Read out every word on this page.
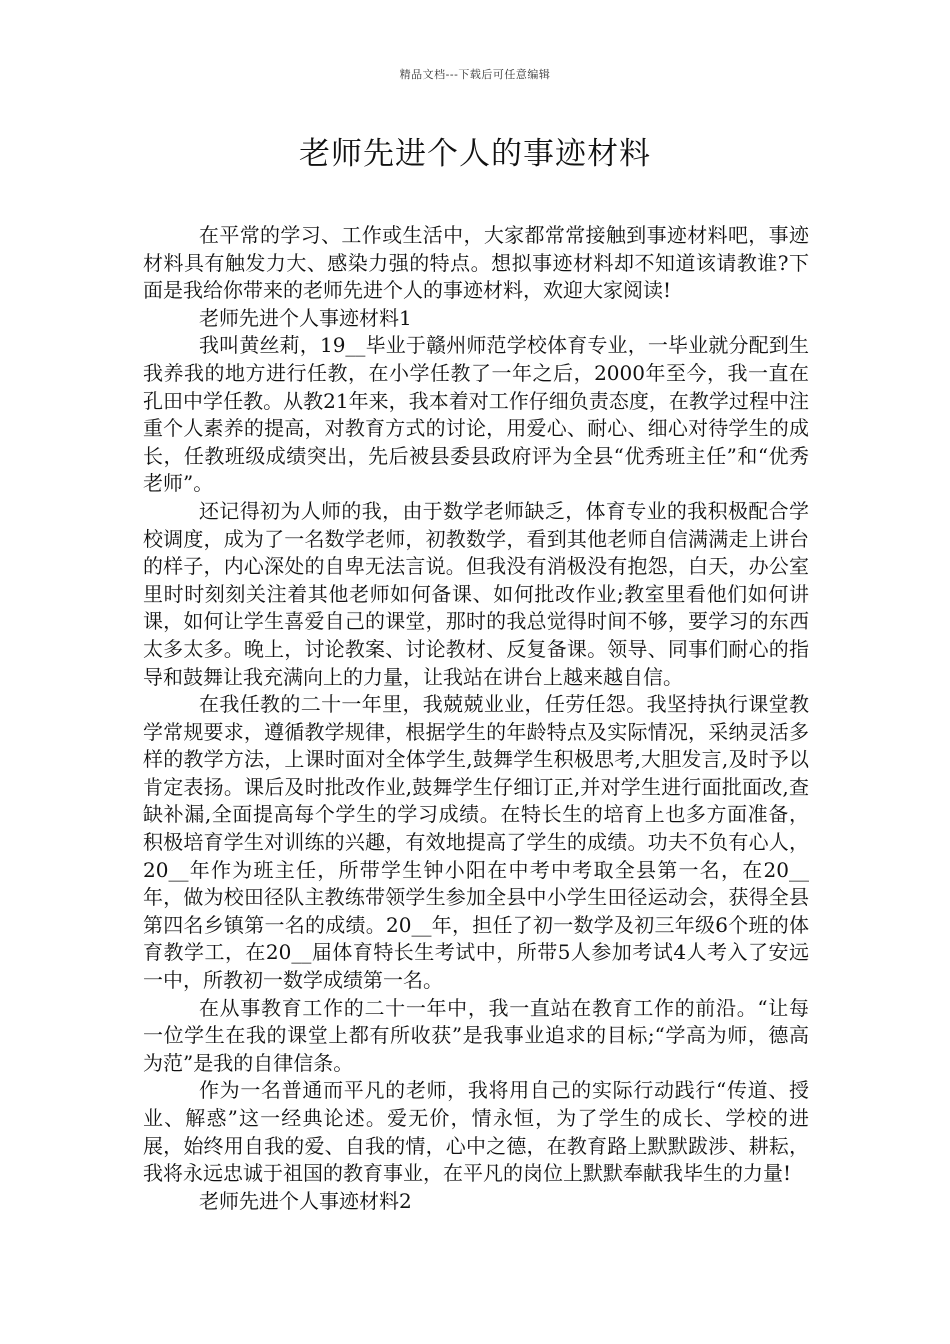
精品文档---下载后可任意编辑
老师先进个人的事迹材料

在平常的学习、工作或生活中，大家都常常接触到事迹材料吧，事迹材料具有触发力大、感染力强的特点。想拟事迹材料却不知道该请教谁?下面是我给你带来的老师先进个人的事迹材料，欢迎大家阅读!

老师先进个人事迹材料1

我叫黄丝莉，19__毕业于赣州师范学校体育专业，一毕业就分配到生我养我的地方进行任教，在小学任教了一年之后，2000年至今，我一直在孔田中学任教。从教21年来，我本着对工作仔细负责态度，在教学过程中注重个人素养的提高，对教育方式的讨论，用爱心、耐心、细心对待学生的成长，任教班级成绩突出，先后被县委县政府评为全县“优秀班主任”和“优秀老师”。

还记得初为人师的我，由于数学老师缺乏，体育专业的我积极配合学校调度，成为了一名数学老师，初教数学，看到其他老师自信满满走上讲台的样子，内心深处的自卑无法言说。但我没有消极没有抱怨，白天，办公室里时时刻刻关注着其他老师如何备课、如何批改作业;教室里看他们如何讲课，如何让学生喜爱自己的课堂，那时的我总觉得时间不够，要学习的东西太多太多。晚上，讨论教案、讨论教材、反复备课。领导、同事们耐心的指导和鼓舞让我充满向上的力量，让我站在讲台上越来越自信。

在我任教的二十一年里，我兢兢业业，任劳任怨。我坚持执行课堂教学常规要求，遵循教学规律，根据学生的年龄特点及实际情况，采纳灵活多样的教学方法，上课时面对全体学生,鼓舞学生积极思考,大胆发言,及时予以肯定表扬。课后及时批改作业,鼓舞学生仔细订正,并对学生进行面批面改,查缺补漏,全面提高每个学生的学习成绩。在特长生的培育上也多方面准备，积极培育学生对训练的兴趣，有效地提高了学生的成绩。功夫不负有心人，20__年作为班主任，所带学生钟小阳在中考中考取全县第一名，在20__年，做为校田径队主教练带领学生参加全县中小学生田径运动会，获得全县第四名乡镇第一名的成绩。20__年，担任了初一数学及初三年级6个班的体育教学工，在20__届体育特长生考试中，所带5人参加考试4人考入了安远一中，所教初一数学成绩第一名。

在从事教育工作的二十一年中，我一直站在教育工作的前沿。“让每一位学生在我的课堂上都有所收获”是我事业追求的目标;“学高为师，德高为范”是我的自律信条。

作为一名普通而平凡的老师，我将用自己的实际行动践行“传道、授业、解惑”这一经典论述。爱无价，情永恒，为了学生的成长、学校的进展，始终用自我的爱、自我的情，心中之德，在教育路上默默跋涉、耕耘，我将永远忠诚于祖国的教育事业，在平凡的岗位上默默奉献我毕生的力量!

老师先进个人事迹材料2
